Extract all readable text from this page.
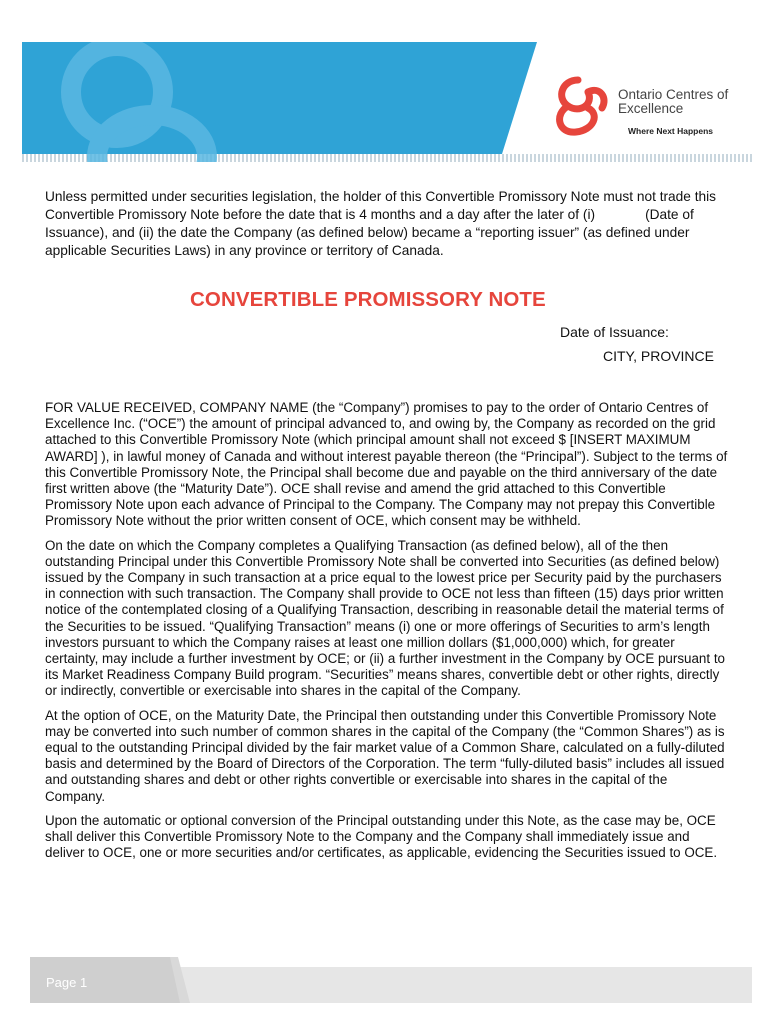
Ontario Centres of
Excellence
Where Next Happens
Unless permitted under securities legislation, the holder of this Convertible Promissory Note must not trade this Convertible Promissory Note before the date that is 4 months and a day after the later of (i)	(Date of Issuance), and (ii) the date the Company (as defined below) became a “reporting issuer” (as defined under applicable Securities Laws) in any province or territory of Canada.
CONVERTIBLE PROMISSORY NOTE
Date of Issuance:
CITY, PROVINCE

FOR VALUE RECEIVED, COMPANY NAME (the “Company”) promises to pay to the order of Ontario Centres of Excellence Inc. (“OCE”) the amount of principal advanced to, and owing by, the Company as recorded on the grid attached to this Convertible Promissory Note (which principal amount shall not exceed $ [INSERT MAXIMUM AWARD] ), in lawful money of Canada and without interest payable thereon (the “Principal”). Subject to the terms of this Convertible Promissory Note, the Principal shall become due and payable on the third anniversary of the date first written above (the “Maturity Date”). OCE shall revise and amend the grid attached to this Convertible Promissory Note upon each advance of Principal to the Company. The Company may not prepay this Convertible Promissory Note without the prior written consent of OCE, which consent may be withheld.

On the date on which the Company completes a Qualifying Transaction (as defined below), all of the then outstanding Principal under this Convertible Promissory Note shall be converted into Securities (as defined below) issued by the Company in such transaction at a price equal to the lowest price per Security paid by the purchasers in connection with such transaction. The Company shall provide to OCE not less than fifteen (15) days prior written notice of the contemplated closing of a Qualifying Transaction, describing in reasonable detail the material terms of the Securities to be issued. “Qualifying Transaction” means (i) one or more offerings of Securities to arm’s length investors pursuant to which the Company raises at least one million dollars ($1,000,000) which, for greater certainty, may include a further investment by OCE; or (ii) a further investment in the Company by OCE pursuant to its Market Readiness Company Build program. “Securities” means shares, convertible debt or other rights, directly or indirectly, convertible or exercisable into shares in the capital of the Company.

At the option of OCE, on the Maturity Date, the Principal then outstanding under this Convertible Promissory Note may be converted into such number of common shares in the capital of the Company (the “Common Shares”) as is equal to the outstanding Principal divided by the fair market value of a Common Share, calculated on a fully-diluted basis and determined by the Board of Directors of the Corporation. The term “fully-diluted basis” includes all issued and outstanding shares and debt or other rights convertible or exercisable into shares in the capital of the Company.

Upon the automatic or optional conversion of the Principal outstanding under this Note, as the case may be, OCE shall deliver this Convertible Promissory Note to the Company and the Company shall immediately issue and deliver to OCE, one or more securities and/or certificates, as applicable, evidencing the Securities issued to OCE.

Page 1
